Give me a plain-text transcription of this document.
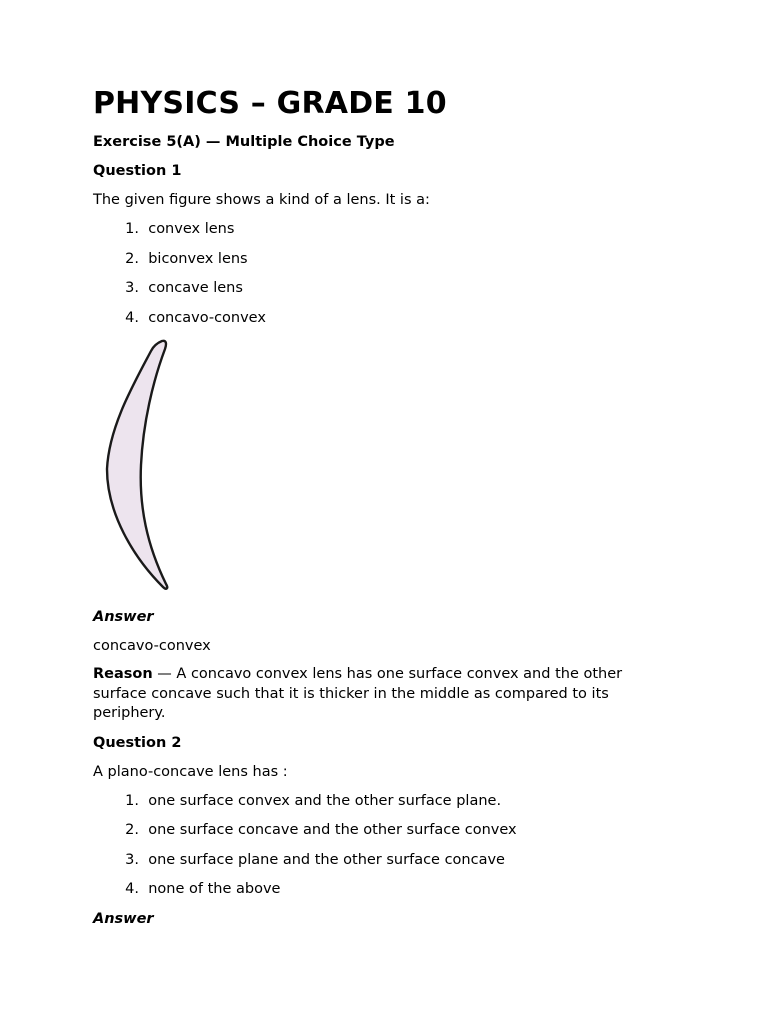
PHYSICS – GRADE 10
Exercise 5(A) — Multiple Choice Type
Question 1
The given figure shows a kind of a lens. It is a:
1.
convex lens
2.
biconvex lens
3.
concave lens
4.
concavo-convex
Answer
concavo-convex
Reason — A concavo convex lens has one surface convex and the other surface concave such that it is thicker in the middle as compared to its periphery.
Question 2
A plano-concave lens has :
1.
one surface convex and the other surface plane.
2.
one surface concave and the other surface convex
3.
one surface plane and the other surface concave
4.
none of the above
Answer
